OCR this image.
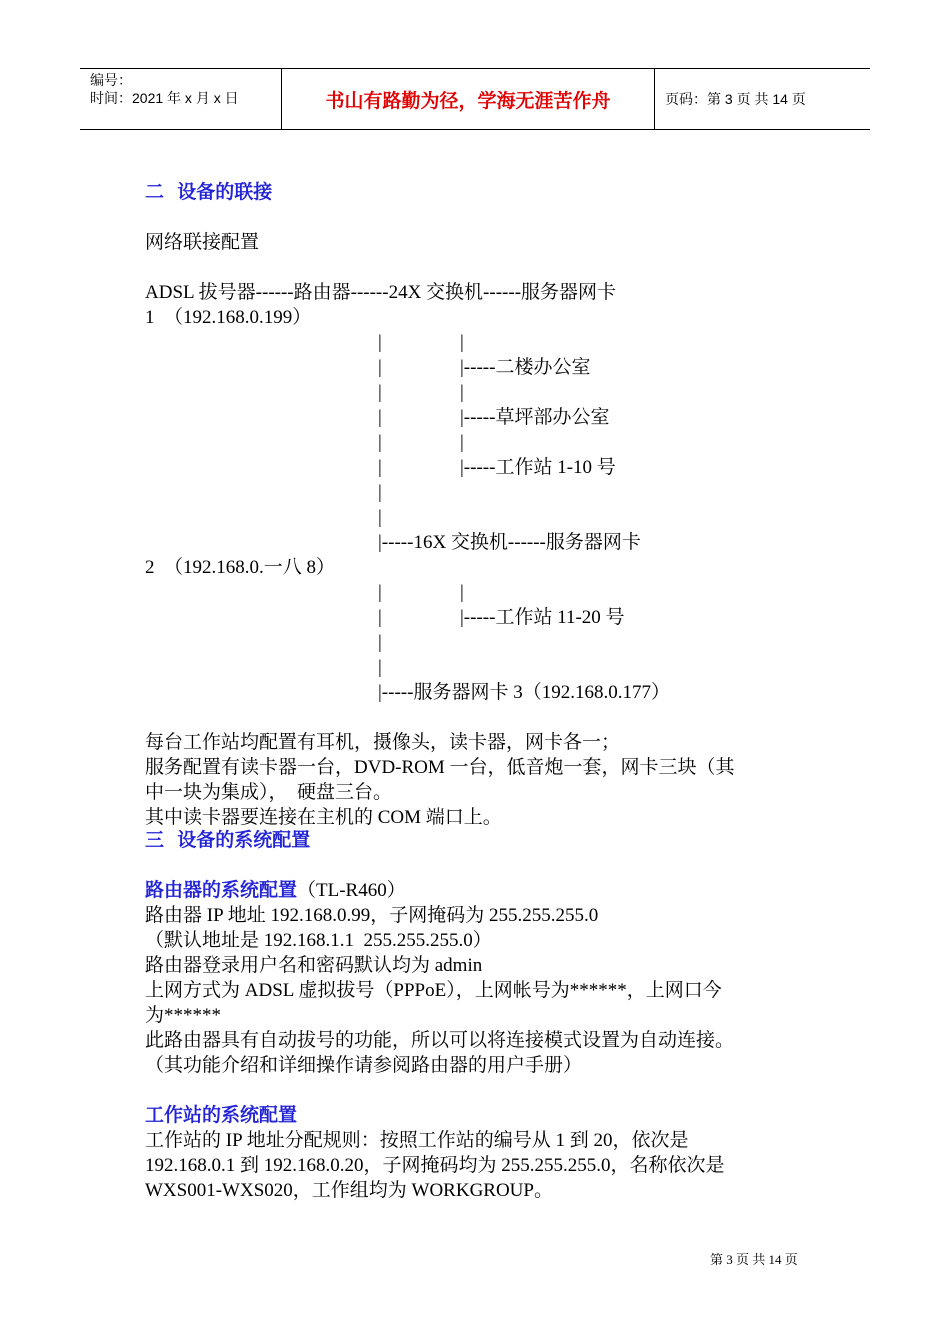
编号：
时间：2021 年 x 月 x 日	书山有路勤为径，学海无涯苦作舟	页码：第 3 页 共 14 页
二  设备的联接
网络联接配置
ADSL 拔号器------路由器------24X 交换机------服务器网卡
1  （192.168.0.199）
|	|
|	|-----二楼办公室
|	|
|	|-----草坪部办公室
|	|
|	|-----工作站 1-10 号
|
|
|-----16X 交换机------服务器网卡
2  （192.168.0.一八 8）
|	|
|	|-----工作站 11-20 号
|
|
|-----服务器网卡 3（192.168.0.177）
每台工作站均配置有耳机，摄像头，读卡器，网卡各一；
服务配置有读卡器一台，DVD-ROM 一台，低音炮一套，网卡三块（其
中一块为集成），  硬盘三台。
其中读卡器要连接在主机的 COM 端口上。
三  设备的系统配置
路由器的系统配置（TL-R460）
路由器 IP 地址 192.168.0.99，子网掩码为 255.255.255.0
（默认地址是 192.168.1.1  255.255.255.0）
路由器登录用户名和密码默认均为 admin
上网方式为 ADSL 虚拟拔号（PPPoE），上网帐号为******，上网口今
为******
此路由器具有自动拔号的功能，所以可以将连接模式设置为自动连接。
（其功能介绍和详细操作请参阅路由器的用户手册）
工作站的系统配置
工作站的 IP 地址分配规则：按照工作站的编号从 1 到 20，依次是
192.168.0.1 到 192.168.0.20，子网掩码均为 255.255.255.0，名称依次是
WXS001-WXS020，工作组均为 WORKGROUP。
第 3 页 共 14 页
